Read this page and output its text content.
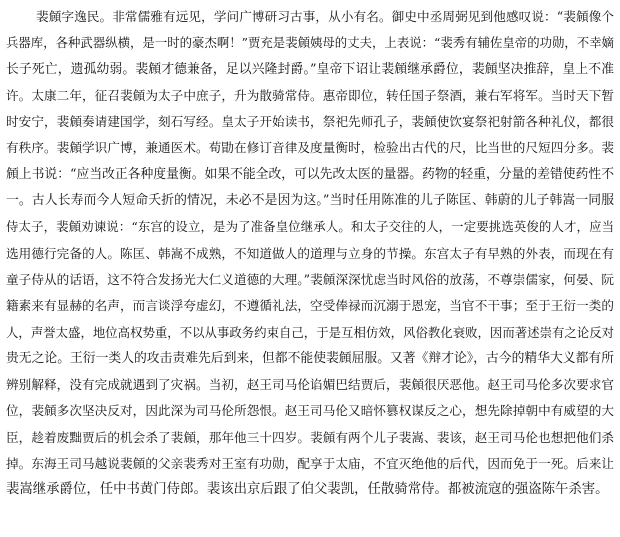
裴頠字逸民。非常儒雅有远见，学问广博研习古事，从小有名。御史中丞周弼见到他感叹说：“裴頠像个
兵器库，各种武器纵横，是一时的豪杰啊！”贾充是裴頠姨母的丈夫，上表说：“裴秀有辅佐皇帝的功勋，不幸嫡
长子死亡，遗孤幼弱。裴頠才德兼备，足以兴隆封爵。”皇帝下诏让裴頠继承爵位，裴頠坚决推辞，皇上不准
许。太康二年，征召裴頠为太子中庶子，升为散骑常侍。惠帝即位，转任国子祭酒，兼右军将军。当时天下暂
时安宁，裴頠奏请建国学，刻石写经。皇太子开始读书，祭祀先师孔子，裴頠使饮宴祭祀射箭各种礼仪，都很
有秩序。裴頠学识广博，兼通医术。荀勖在修订音律及度量衡时，检验出古代的尺，比当世的尺短四分多。裴
頠上书说：“应当改正各种度量衡。如果不能全改，可以先改太医的量器。药物的轻重，分量的差错使药性不
一。古人长寿而今人短命夭折的情况，未必不是因为这。”当时任用陈准的儿子陈匡、韩蔚的儿子韩嵩一同服
侍太子，裴頠劝谏说：“东宫的设立，是为了准备皇位继承人。和太子交往的人，一定要挑选英俊的人才，应当
选用德行完备的人。陈匡、韩嵩不成熟，不知道做人的道理与立身的节操。东宫太子有早熟的外表，而现在有
童子侍从的话语，这不符合发扬光大仁义道德的大理。”裴頠深深忧虑当时风俗的放荡，不尊崇儒家，何晏、阮
籍素来有显赫的名声，而言谈浮夸虚幻，不遵循礼法，空受俸禄而沉溺于恩宠，当官不干事；至于王衍一类的
人，声誉太盛，地位高权势重，不以从事政务约束自己，于是互相仿效，风俗教化衰败，因而著述崇有之论反对
贵无之论。王衍一类人的攻击责难先后到来，但都不能使裴頠屈服。又著《辩才论》，古今的精华大义都有所
辨别解释，没有完成就遇到了灾祸。当初，赵王司马伦谄媚巴结贾后，裴頠很厌恶他。赵王司马伦多次要求官
位，裴頠多次坚决反对，因此深为司马伦所怨恨。赵王司马伦又暗怀篡权谋反之心，想先除掉朝中有威望的大
臣，趁着废黜贾后的机会杀了裴頠，那年他三十四岁。裴頠有两个儿子裴嵩、裴该，赵王司马伦也想把他们杀
掉。东海王司马越说裴頠的父亲裴秀对王室有功勋，配享于太庙，不宜灭绝他的后代，因而免于一死。后来让
裴嵩继承爵位，任中书黄门侍郎。裴该出京后跟了伯父裴凯，任散骑常侍。都被流寇的强盗陈午杀害。
